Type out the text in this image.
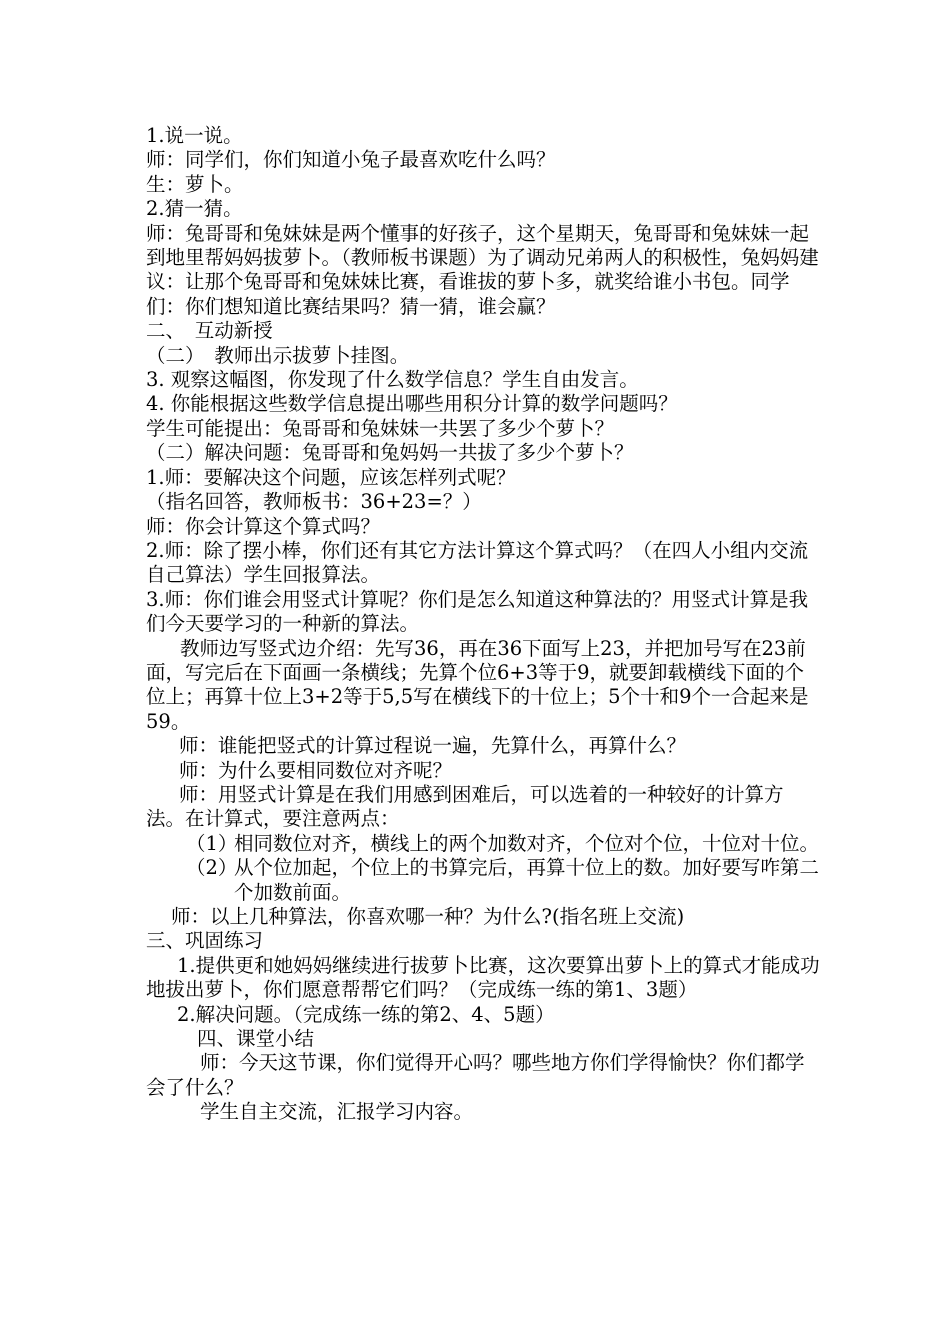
1.说一说。

师：同学们，你们知道小兔子最喜欢吃什么吗？

生：萝卜。

2.猜一猜。

师：兔哥哥和兔妹妹是两个懂事的好孩子，这个星期天，兔哥哥和兔妹妹一起到地里帮妈妈拔萝卜。（教师板书课题）为了调动兄弟两人的积极性，兔妈妈建议：让那个兔哥哥和兔妹妹比赛，看谁拔的萝卜多，就奖给谁小书包。同学们：你们想知道比赛结果吗？猜一猜，谁会赢？

二、　互动新授

（二）　教师出示拔萝卜挂图。

3. 观察这幅图，你发现了什么数学信息？学生自由发言。

4. 你能根据这些数学信息提出哪些用积分计算的数学问题吗？

学生可能提出：兔哥哥和兔妹妹一共罢了多少个萝卜？

（二）解决问题：兔哥哥和兔妈妈一共拔了多少个萝卜？

1.师：要解决这个问题，应该怎样列式呢？

（指名回答，教师板书：36+23=？）

师：你会计算这个算式吗？

2.师：除了摆小棒，你们还有其它方法计算这个算式吗？（在四人小组内交流自己算法）学生回报算法。

3.师：你们谁会用竖式计算呢？你们是怎么知道这种算法的？用竖式计算是我们今天要学习的一种新的算法。

教师边写竖式边介绍：先写36，再在36下面写上23，并把加号写在23前面，写完后在下面画一条横线；先算个位6+3等于9，就要卸载横线下面的个位上；再算十位上3+2等于5,5写在横线下的十位上；5个十和9个一合起来是59。

师：谁能把竖式的计算过程说一遍，先算什么，再算什么？

师：为什么要相同数位对齐呢？

师：用竖式计算是在我们用感到困难后，可以选着的一种较好的计算方法。在计算式，要注意两点：

（1）
相同数位对齐，横线上的两个加数对齐，个位对个位，十位对十位。
（2）
从个位加起，个位上的书算完后，再算十位上的数。加好要写咋第二个加数前面。

师：以上几种算法，你喜欢哪一种？为什么?(指名班上交流)

三、巩固练习

1.提供更和她妈妈继续进行拔萝卜比赛，这次要算出萝卜上的算式才能成功地拔出萝卜，你们愿意帮帮它们吗？（完成练一练的第1、3题）

2.解决问题。（完成练一练的第2、4、5题）

四、课堂小结

师：今天这节课，你们觉得开心吗？哪些地方你们学得愉快？你们都学会了什么？

学生自主交流，汇报学习内容。
